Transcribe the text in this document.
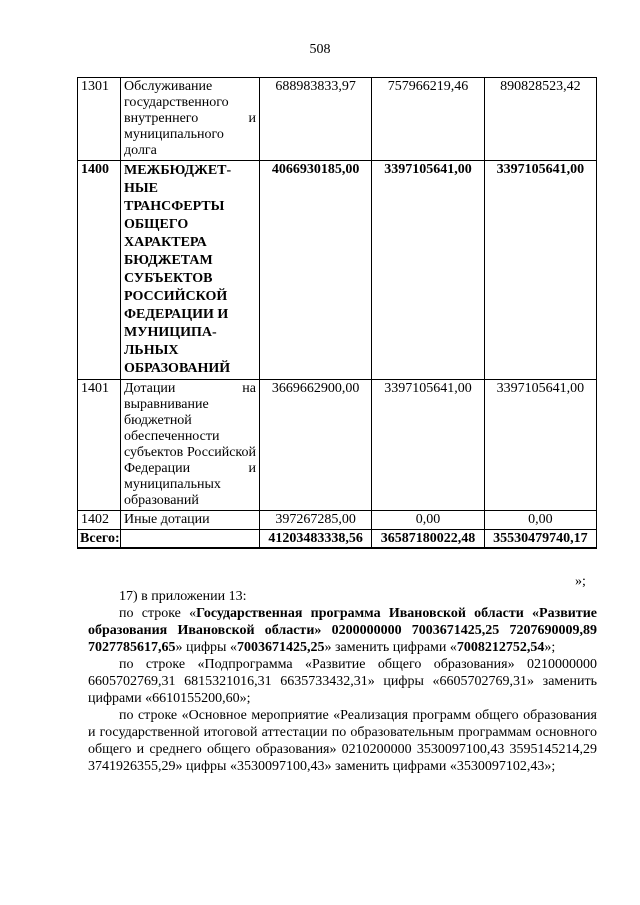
508
1301	Обслуживание государственного внутреннего и муниципального долга	688983833,97	757966219,46	890828523,42
1400	МЕЖБЮДЖЕТ-НЫЕ ТРАНСФЕРТЫ ОБЩЕГО ХАРАКТЕРА БЮДЖЕТАМ СУБЪЕКТОВ РОССИЙСКОЙ ФЕДЕРАЦИИ И МУНИЦИПА-ЛЬНЫХ ОБРАЗОВАНИЙ	4066930185,00	3397105641,00	3397105641,00
1401	Дотации на выравнивание бюджетной обеспеченности субъектов Российской Федерации и муниципальных образований	3669662900,00	3397105641,00	3397105641,00
1402	Иные дотации	397267285,00	0,00	0,00
Всего:		41203483338,56	36587180022,48	35530479740,17
»;

17) в приложении 13:

по строке «Государственная программа Ивановской области «Развитие образования Ивановской области» 0200000000 7003671425,25 7207690009,89 7027785617,65» цифры «7003671425,25» заменить цифрами «7008212752,54»;

по строке «Подпрограмма «Развитие общего образования» 0210000000 6605702769,31 6815321016,31 6635733432,31» цифры «6605702769,31» заменить цифрами «6610155200,60»;

по строке «Основное мероприятие «Реализация программ общего образования и государственной итоговой аттестации по образовательным программам основного общего и среднего общего образования» 0210200000 3530097100,43 3595145214,29 3741926355,29» цифры «3530097100,43» заменить цифрами «3530097102,43»;
